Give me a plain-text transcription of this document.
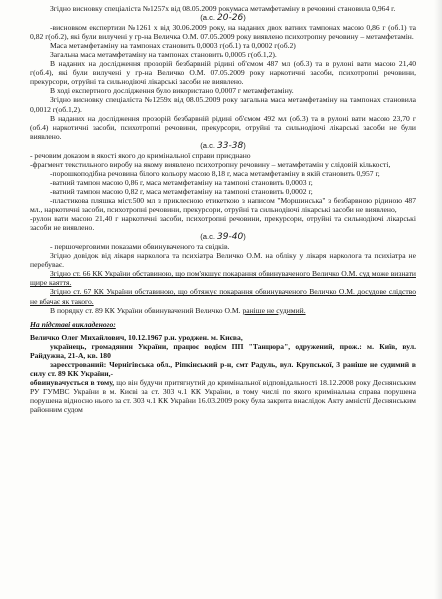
Згідно висновку спеціаліста №1257х від 08.05.2009 рокумаса метамфетаміну в речовині становила 0,964 г.

(а.с. 20-26)

-висновком експертизи №1261 х від 30.06.2009 року, на наданих двох ватних тампонах масою 0,86 г (об.1) та 0,82 г(об.2), які були вилучені у гр-на Величка О.М. 07.05.2009 року виявлено психотропну речовину – метамфетамін.

Маса метамфетаміну на тампонах становить 0,0003 г(об.1) та 0,0002 г(об.2)

Загальна маса метамфетаміну на тампонах становить 0,0005 г(об.1,2).

В наданих на дослідження прозорій безбарвній рідині об'ємом 487 мл (об.3) та в рулоні вати масою 21,40 г(об.4), які були вилучені у гр-на Величко О.М. 07.05.2009 року наркотичні засоби, психотропні речовини, прекурсори, отруйні та сильнодіючі лікарські засоби не виявлено.

В ході експертного дослідження було використано 0,0007 г метамфетаміну.

Згідно висновку спеціаліста №1259х від 08.05.2009 року загальна маса метамфетаміну на тампонах становила 0,0012 г(об.1,2).

В наданих на дослідження прозорій безбарвній рідині об'ємом 492 мл (об.3) та в рулоні вати масою 23,70 г (об.4) наркотичні засоби, психотропні речовини, прекурсори, отруйні та сильнодіючі лікарські засоби не були виявлено.

(а.с. 33-38)

- речовим доказом в якості якого до кримінальної справи приєднано

-фрагмент текстильного виробу на якому виявлено психотропну речовину – метамфетамін у слідовій кількості,

-порошкоподібна речовина білого кольору масою 8,18 г, маса метамфетаміну в якій становить 0,957 г,

-ватний тампон масою 0,86 г, маса метамфетаміну на тампоні становить 0,0003 г,

-ватний тампон масою 0,82 г, маса метамфетаміну на тампоні становить 0,0002 г,

-пластикова пляшка міст.500 мл з приклеєною етикеткою з написом "Моршинська" з безбарвною рідиною 487 мл., наркотичні засоби, психотропні речовини, прекурсори, отруйні та сильнодіючі лікарські засоби не виявлено,

-рулон вати масою 21,40 г наркотичні засоби, психотропні речовини, прекурсори, отруйні та сильнодіючі лікарські засоби не виявлено.

(а.с. 39-40)

- першочерговими показами обвинуваченого та свідків.

Згідно довідок від лікаря нарколога та психіатра Величко О.М. на обліку у лікаря нарколога та психіатра не перебуває.

Згідно ст. 66 КК України обставиною, що пом'якшує покарання обвинуваченого Величко О.М. суд може визнати щире каяття.

Згідно ст. 67 КК України обставиною, що обтяжує покарання обвинуваченого Величко О.М. досудове слідство не вбачає як такого.

В порядку ст. 89 КК України обвинувачений Величко О.М. раніше не судимий.

На підставі викладеного:

Величко Олег Михайлович, 10.12.1967 р.н. уроджен. м. Києва,

українець, громадянин України, працює водієм ПП "Танцюра", одружений, прож.: м. Київ, вул. Райдужна, 21-А, кв. 180

зареєстрований: Чернігівська обл., Ріпкінський р-н, смт Радуль, вул. Крупської, 3 раніше не судимий в силу ст. 89 КК України,-

обвинувачується в тому, що він будучи притягнутий до кримінальної відповідальності 18.12.2008 року Деснянським РУ ГУМВС України в м. Києві за ст. 303 ч.1 КК України, в тому числі по якого кримінальна справа порушена порушена відносно нього за ст. 303 ч.1 КК України 16.03.2009 року була закрита внаслідок Акту амністії Деснянським районним судом
